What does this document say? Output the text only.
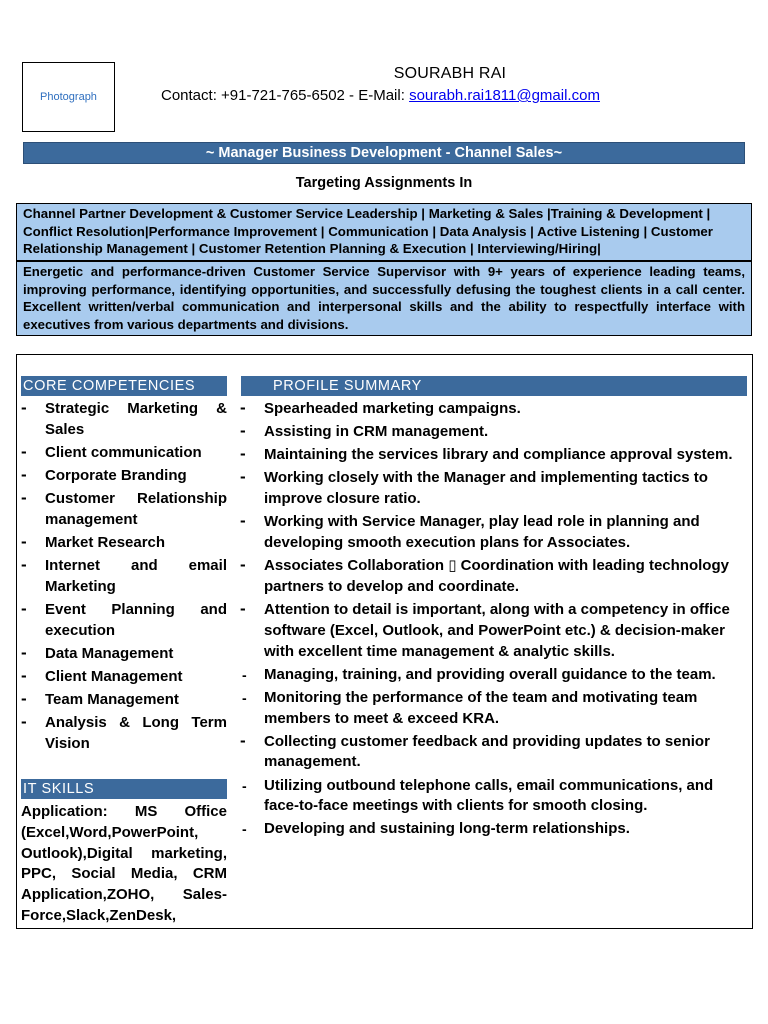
Photograph
SOURABH RAI
Contact: +91-721-765-6502 - E-Mail: sourabh.rai1811@gmail.com
~ Manager Business Development - Channel Sales~
Targeting Assignments In
Channel Partner Development & Customer Service Leadership | Marketing & Sales |Training & Development | Conflict Resolution|Performance Improvement | Communication | Data Analysis | Active Listening | Customer Relationship Management | Customer Retention Planning & Execution | Interviewing/Hiring|
Energetic and performance-driven Customer Service Supervisor with 9+ years of experience leading teams, improving performance, identifying opportunities, and successfully defusing the toughest clients in a call center. Excellent written/verbal communication and interpersonal skills and the ability to respectfully interface with executives from various departments and divisions.
CORE COMPETENCIES	PROFILE SUMMARY
- Strategic Marketing & Sales
- Client communication
- Corporate Branding
- Customer Relationship management
- Market Research
- Internet and email Marketing
- Event Planning and execution
- Data Management
- Client Management
- Team Management
- Analysis & Long Term Vision
- Spearheaded marketing campaigns.
- Assisting in CRM management.
- Maintaining the services library and compliance approval system.
- Working closely with the Manager and implementing tactics to improve closure ratio.
- Working with Service Manager, play lead role in planning and developing smooth execution plans for Associates.
- Associates Collaboration ▯ Coordination with leading technology partners to develop and coordinate.
- Attention to detail is important, along with a competency in office software (Excel, Outlook, and PowerPoint etc.) & decision-maker with excellent time management & analytic skills.
- Managing, training, and providing overall guidance to the team.
- Monitoring the performance of the team and motivating team members to meet & exceed KRA.
- Collecting customer feedback and providing updates to senior management.
- Utilizing outbound telephone calls, email communications, and face-to-face meetings with clients for smooth closing.
- Developing and sustaining long-term relationships.
IT SKILLS
Application: MS Office (Excel,Word,PowerPoint, Outlook),Digital marketing, PPC, Social Media, CRM Application,ZOHO, Sales-Force,Slack,ZenDesk,
